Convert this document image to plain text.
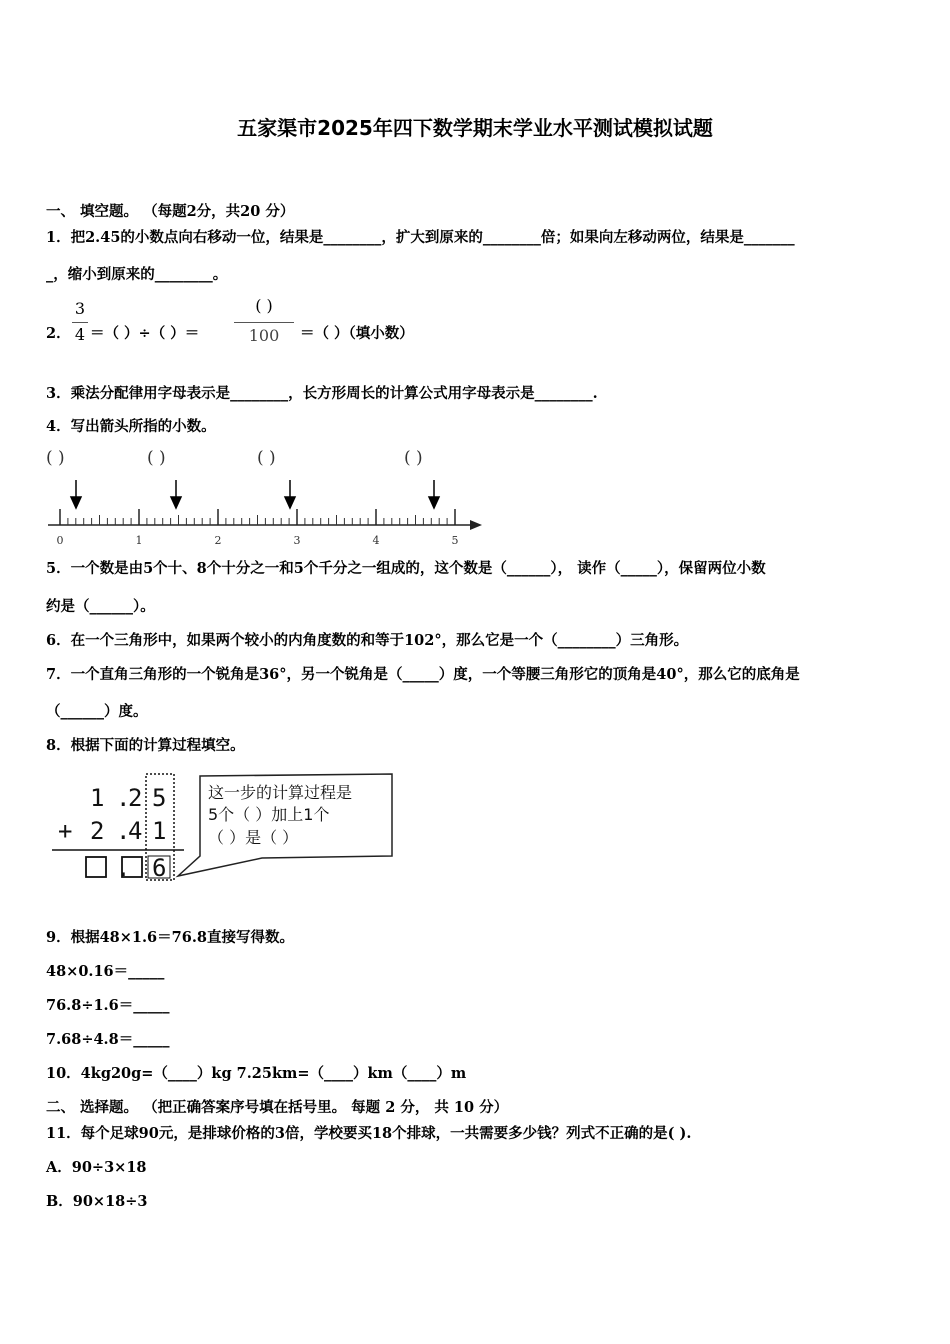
五家渠市2025年四下数学期末学业水平测试模拟试题
一、 填空题。 （每题2分，共20 分）
1．把2.45的小数点向右移动一位，结果是________，扩大到原来的________倍；如果向左移动两位，结果是_______
_，缩小到原来的________。
2．
3
4 ＝（ ）÷（ ）＝
( )
100	＝（ ）（填小数）
3．乘法分配律用字母表示是________，长方形周长的计算公式用字母表示是________.
4．写出箭头所指的小数。
( )	( )	( )	( )
0	1	2	3	4	5
5．一个数是由5个十、8个十分之一和5个千分之一组成的，这个数是（______）， 读作（_____），保留两位小数
约是（______）。
6．在一个三角形中，如果两个较小的内角度数的和等于102°，那么它是一个（________）三角形。
7．一个直角三角形的一个锐角是36°，另一个锐角是（_____）度，一个等腰三角形它的顶角是40°，那么它的底角是
（______）度。
8．根据下面的计算过程填空。
1 .
2 5
+ 2 .
4 1
6
.
这一步的计算过程是
5个（ ）加上1个
（ ）是（ ）
9．根据48×1.6＝76.8直接写得数。
48×0.16＝_____
76.8÷1.6＝_____
7.68÷4.8＝_____
10．4kg20g=（____）kg 7.25km=（____）km（____）m
二、 选择题。 （把正确答案序号填在括号里。 每题 2 分， 共 10 分）
11．每个足球90元，是排球价格的3倍，学校要买18个排球，一共需要多少钱？列式不正确的是( ).
A．90÷3×18
B．90×18÷3
